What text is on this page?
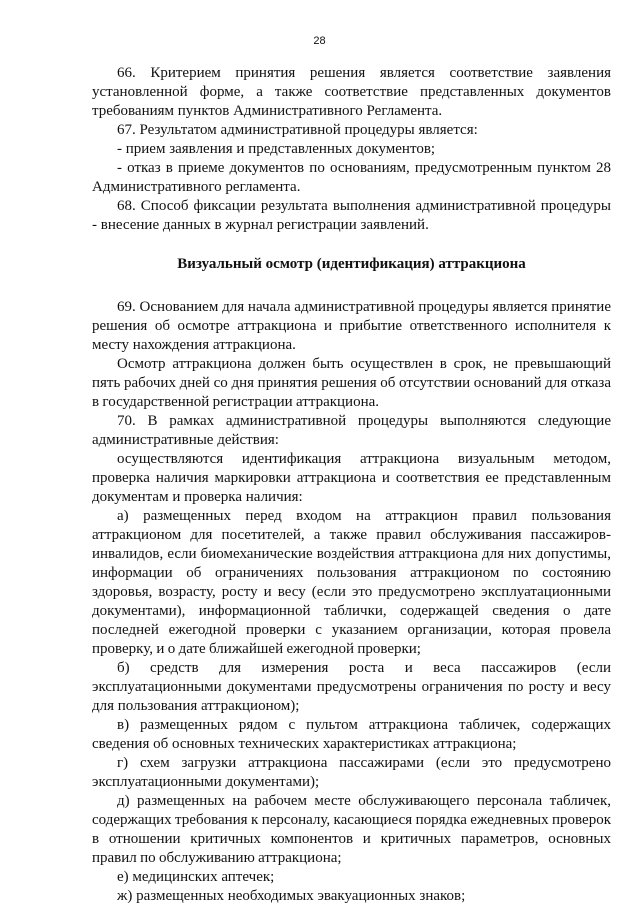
28

66. Критерием принятия решения является соответствие заявления установленной форме, а также соответствие представленных документов требованиям пунктов Административного Регламента.

67. Результатом административной процедуры является:

- прием заявления и представленных документов;

- отказ в приеме документов по основаниям, предусмотренным пунктом 28 Административного регламента.

68. Способ фиксации результата выполнения административной процедуры - внесение данных в журнал регистрации заявлений.

Визуальный осмотр (идентификация) аттракциона

69. Основанием для начала административной процедуры является принятие решения об осмотре аттракциона и прибытие ответственного исполнителя к месту нахождения аттракциона.

Осмотр аттракциона должен быть осуществлен в срок, не превышающий пять рабочих дней со дня принятия решения об отсутствии оснований для отказа в государственной регистрации аттракциона.

70. В рамках административной процедуры выполняются следующие административные действия:

осуществляются идентификация аттракциона визуальным методом, проверка наличия маркировки аттракциона и соответствия ее представленным документам и проверка наличия:

а) размещенных перед входом на аттракцион правил пользования аттракционом для посетителей, а также правил обслуживания пассажиров-инвалидов, если биомеханические воздействия аттракциона для них допустимы, информации об ограничениях пользования аттракционом по состоянию здоровья, возрасту, росту и весу (если это предусмотрено эксплуатационными документами), информационной таблички, содержащей сведения о дате последней ежегодной проверки с указанием организации, которая провела проверку, и о дате ближайшей ежегодной проверки;

б) средств для измерения роста и веса пассажиров (если эксплуатационными документами предусмотрены ограничения по росту и весу для пользования аттракционом);

в) размещенных рядом с пультом аттракциона табличек, содержащих сведения об основных технических характеристиках аттракциона;

г) схем загрузки аттракциона пассажирами (если это предусмотрено эксплуатационными документами);

д) размещенных на рабочем месте обслуживающего персонала табличек, содержащих требования к персоналу, касающиеся порядка ежедневных проверок в отношении критичных компонентов и критичных параметров, основных правил по обслуживанию аттракциона;

е) медицинских аптечек;

ж) размещенных необходимых эвакуационных знаков;
